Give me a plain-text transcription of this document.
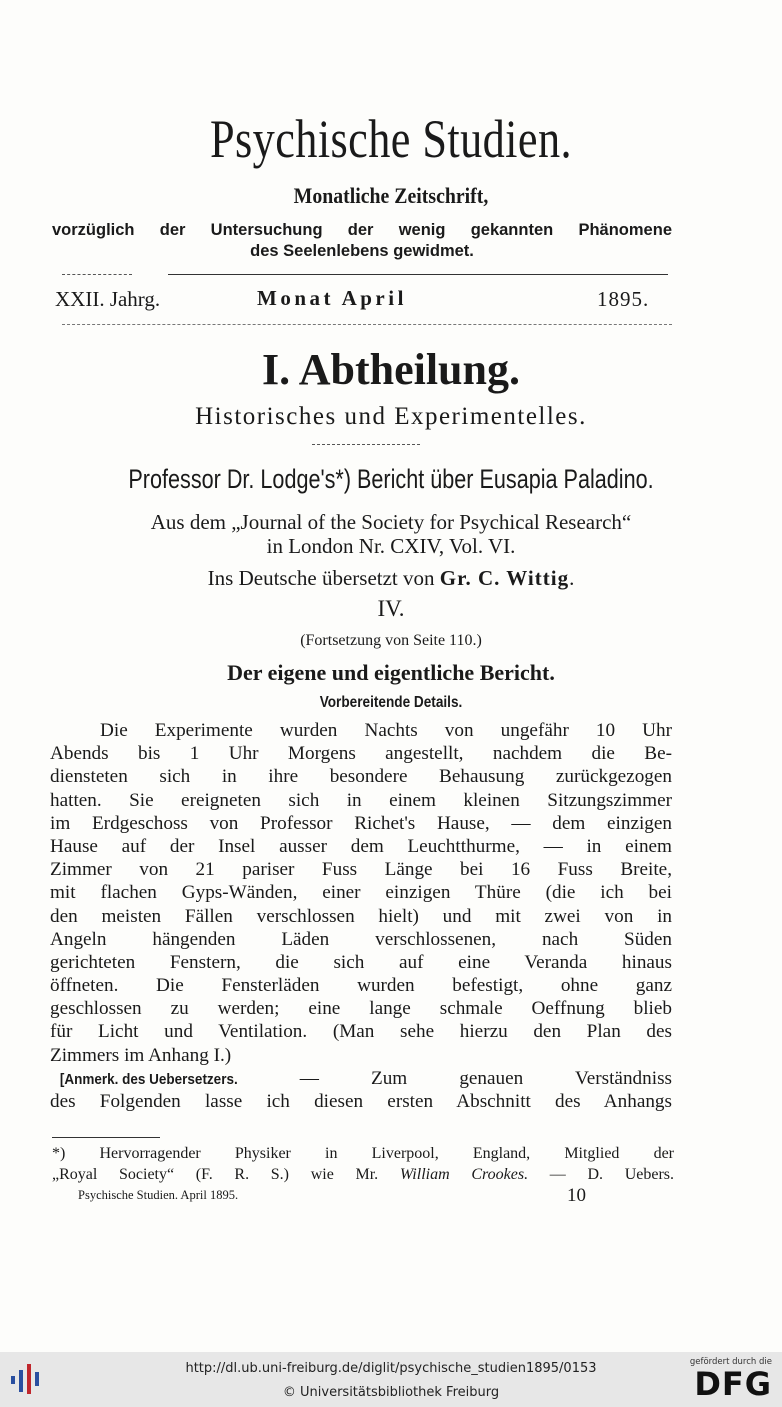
Psychische Studien.
Monatliche Zeitschrift,
vorzüglich der Untersuchung der wenig gekannten Phänomene
des Seelenlebens gewidmet.
XXII. Jahrg.	Monat April	1895.
I. Abtheilung.
Historisches und Experimentelles.
Professor Dr. Lodge's*) Bericht über Eusapia Paladino.
Aus dem „Journal of the Society for Psychical Research“
in London Nr. CXIV, Vol. VI.
Ins Deutsche übersetzt von Gr. C. Wittig.
IV.
(Fortsetzung von Seite 110.)
Der eigene und eigentliche Bericht.
Vorbereitende Details.
Die Experimente wurden Nachts von ungefähr 10 Uhr
Abends bis 1 Uhr Morgens angestellt, nachdem die Be-
diensteten sich in ihre besondere Behausung zurückgezogen
hatten. Sie ereigneten sich in einem kleinen Sitzungszimmer
im Erdgeschoss von Professor Richet's Hause, — dem einzigen
Hause auf der Insel ausser dem Leuchtthurme, — in einem
Zimmer von 21 pariser Fuss Länge bei 16 Fuss Breite,
mit flachen Gyps-Wänden, einer einzigen Thüre (die ich bei
den meisten Fällen verschlossen hielt) und mit zwei von in
Angeln hängenden Läden verschlossenen, nach Süden
gerichteten Fenstern, die sich auf eine Veranda hinaus
öffneten. Die Fensterläden wurden befestigt, ohne ganz
geschlossen zu werden; eine lange schmale Oeffnung blieb
für Licht und Ventilation. (Man sehe hierzu den Plan des
Zimmers im Anhang I.)
[Anmerk. des Uebersetzers. — Zum genauen Verständniss
des Folgenden lasse ich diesen ersten Abschnitt des Anhangs
*) Hervorragender Physiker in Liverpool, England, Mitglied der
„Royal Society“ (F. R. S.) wie Mr. William Crookes. — D. Uebers.
Psychische Studien. April 1895.	10
http://dl.ub.uni-freiburg.de/diglit/psychische_studien1895/0153
© Universitätsbibliothek Freiburg
gefördert durch die
DFG
